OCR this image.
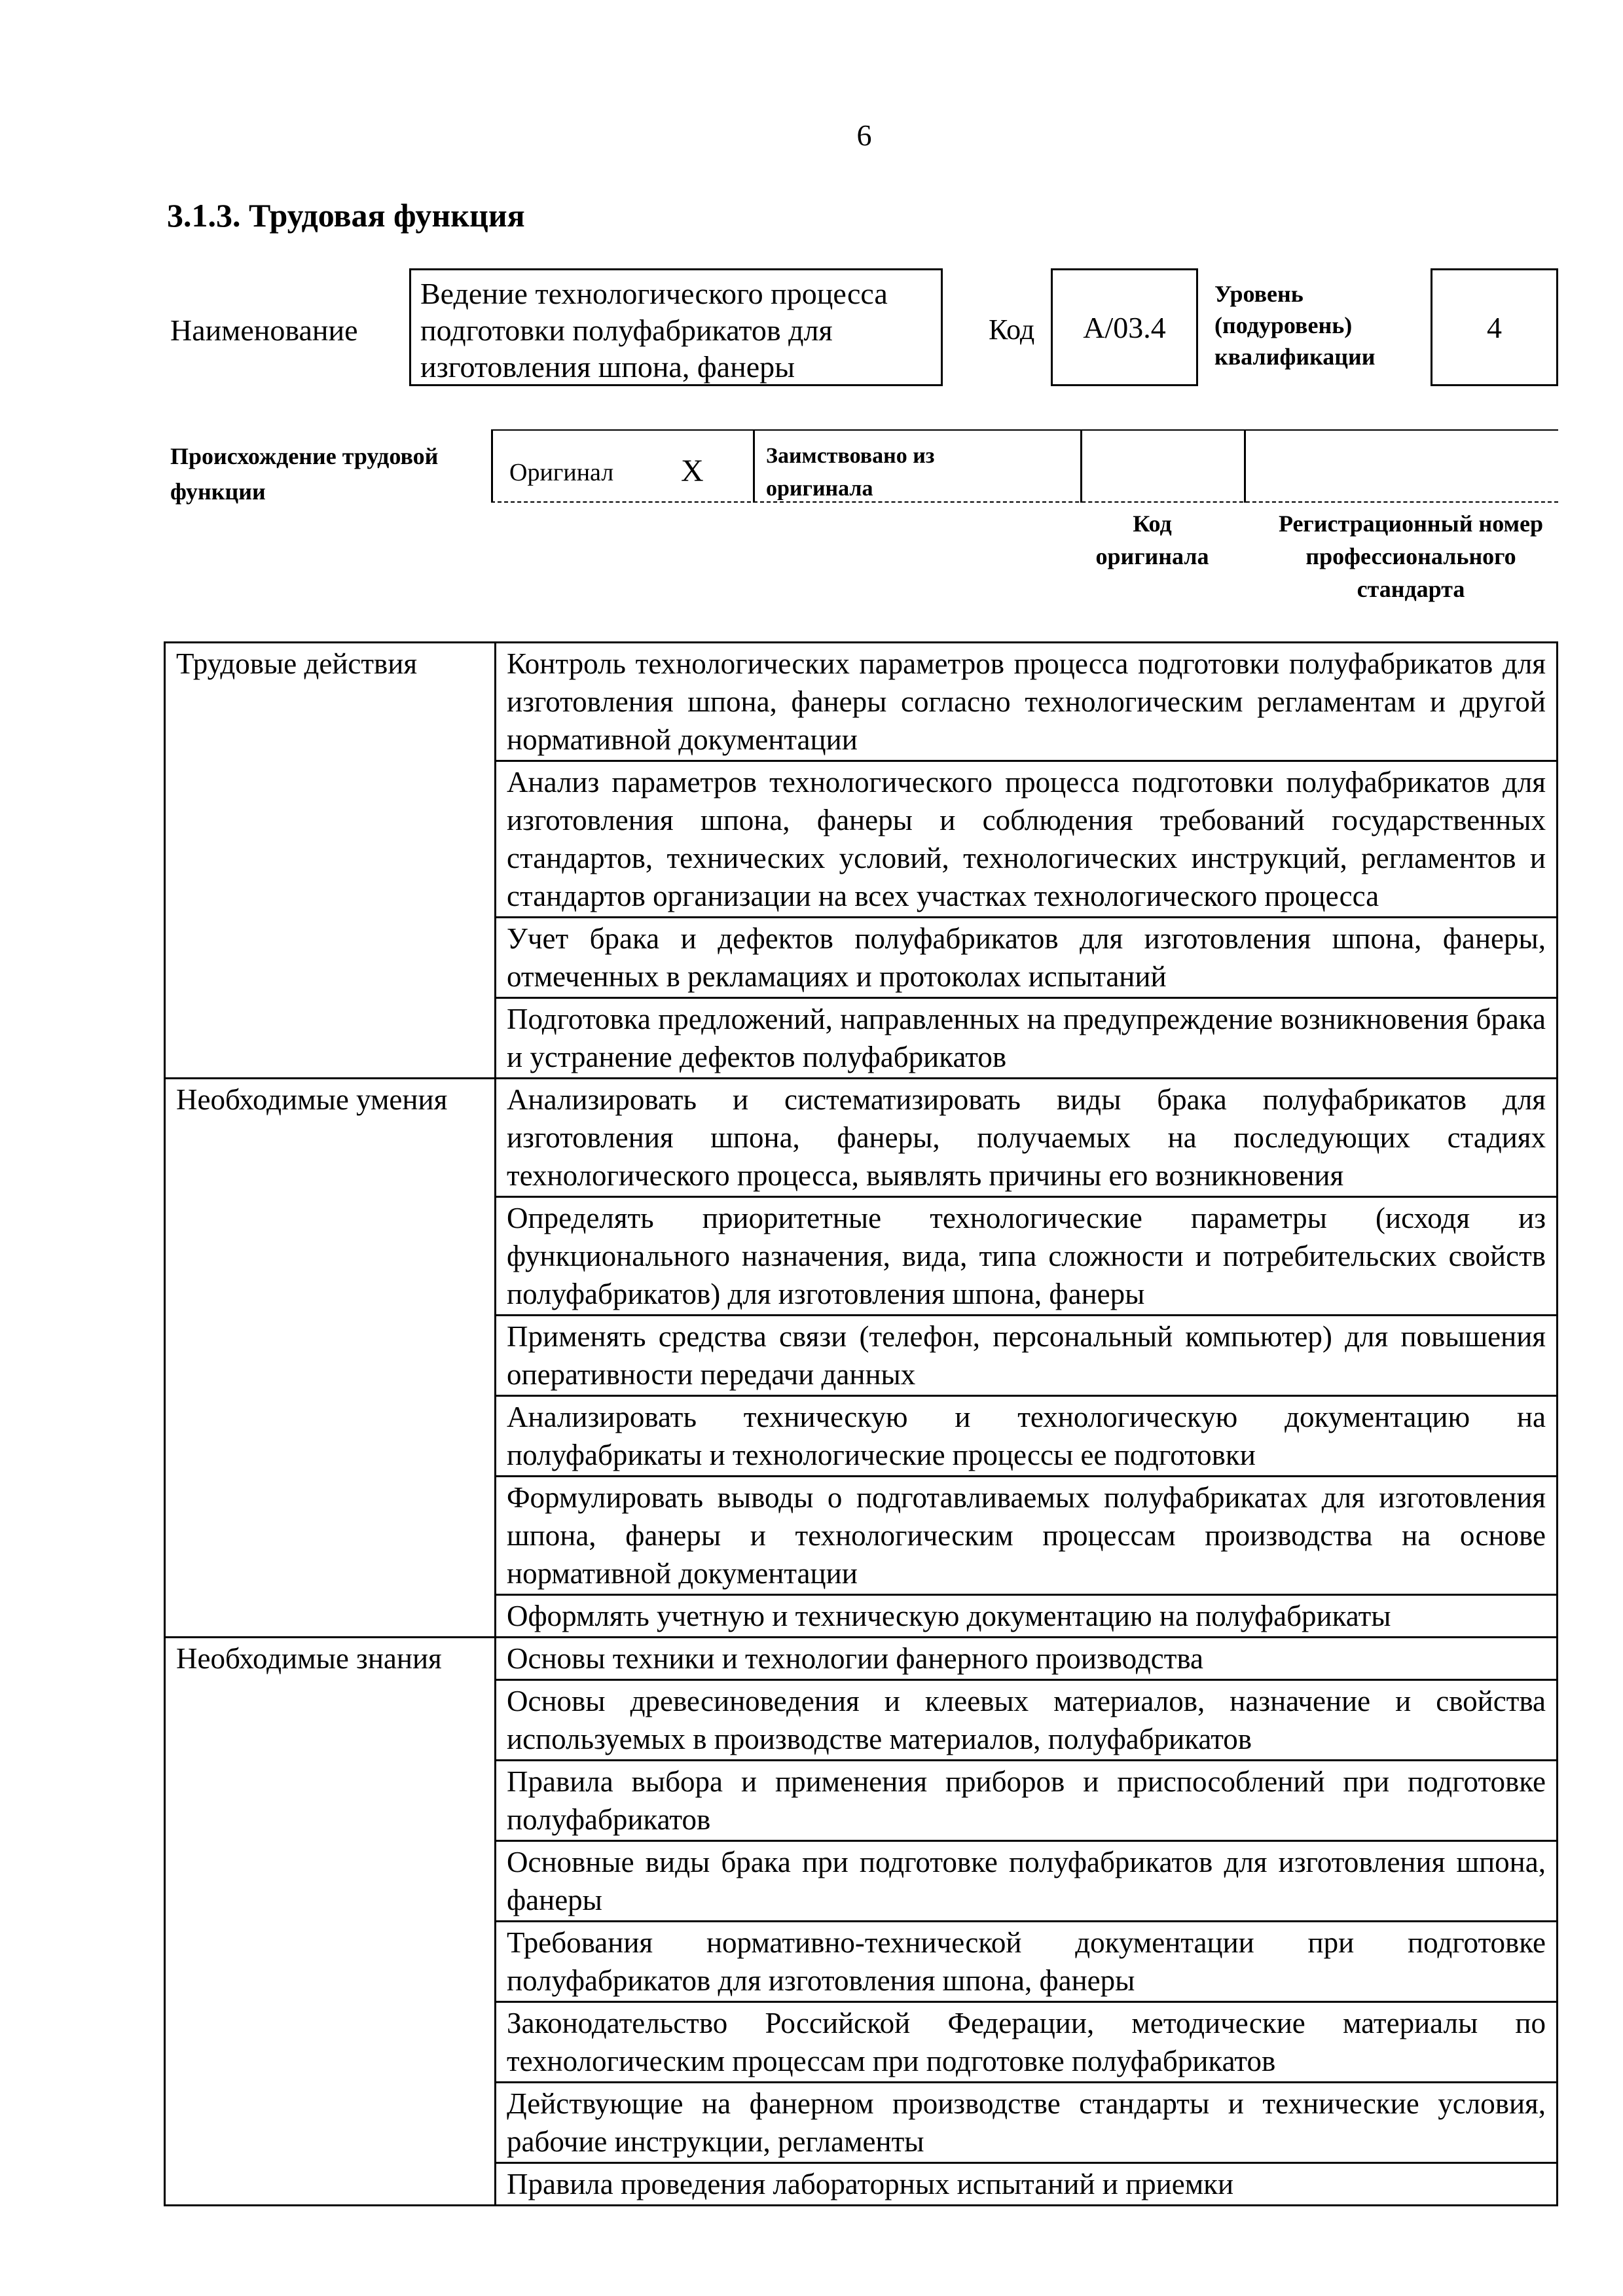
6
3.1.3. Трудовая функция
Наименование
Ведение технологического процесса подготовки полуфабрикатов для изготовления шпона, фанеры
Код А/03.4
Уровень (подуровень) квалификации
4
Происхождение трудовой функции
Оригинал X	Заимствовано из оригинала
Код оригинала
Регистрационный номер профессионального стандарта
Трудовые действия	Контроль технологических параметров процесса подготовки полуфабрикатов для изготовления шпона, фанеры согласно технологическим регламентам и другой нормативной документации
	Анализ параметров технологического процесса подготовки полуфабрикатов для изготовления шпона, фанеры и соблюдения требований государственных стандартов, технических условий, технологических инструкций, регламентов и стандартов организации на всех участках технологического процесса
	Учет брака и дефектов полуфабрикатов для изготовления шпона, фанеры, отмеченных в рекламациях и протоколах испытаний
	Подготовка предложений, направленных на предупреждение возникновения брака и устранение дефектов полуфабрикатов
Необходимые умения	Анализировать и систематизировать виды брака полуфабрикатов для изготовления шпона, фанеры, получаемых на последующих стадиях технологического процесса, выявлять причины его возникновения
	Определять приоритетные технологические параметры (исходя из функционального назначения, вида, типа сложности и потребительских свойств полуфабрикатов) для изготовления шпона, фанеры
	Применять средства связи (телефон, персональный компьютер) для повышения оперативности передачи данных
	Анализировать техническую и технологическую документацию на полуфабрикаты и технологические процессы ее подготовки
	Формулировать выводы о подготавливаемых полуфабрикатах для изготовления шпона, фанеры и технологическим процессам производства на основе нормативной документации
	Оформлять учетную и техническую документацию на полуфабрикаты
Необходимые знания	Основы техники и технологии фанерного производства
	Основы древесиноведения и клеевых материалов, назначение и свойства используемых в производстве материалов, полуфабрикатов
	Правила выбора и применения приборов и приспособлений при подготовке полуфабрикатов
	Основные виды брака при подготовке полуфабрикатов для изготовления шпона, фанеры
	Требования нормативно-технической документации при подготовке полуфабрикатов для изготовления шпона, фанеры
	Законодательство Российской Федерации, методические материалы по технологическим процессам при подготовке полуфабрикатов
	Действующие на фанерном производстве стандарты и технические условия, рабочие инструкции, регламенты
	Правила проведения лабораторных испытаний и приемки
